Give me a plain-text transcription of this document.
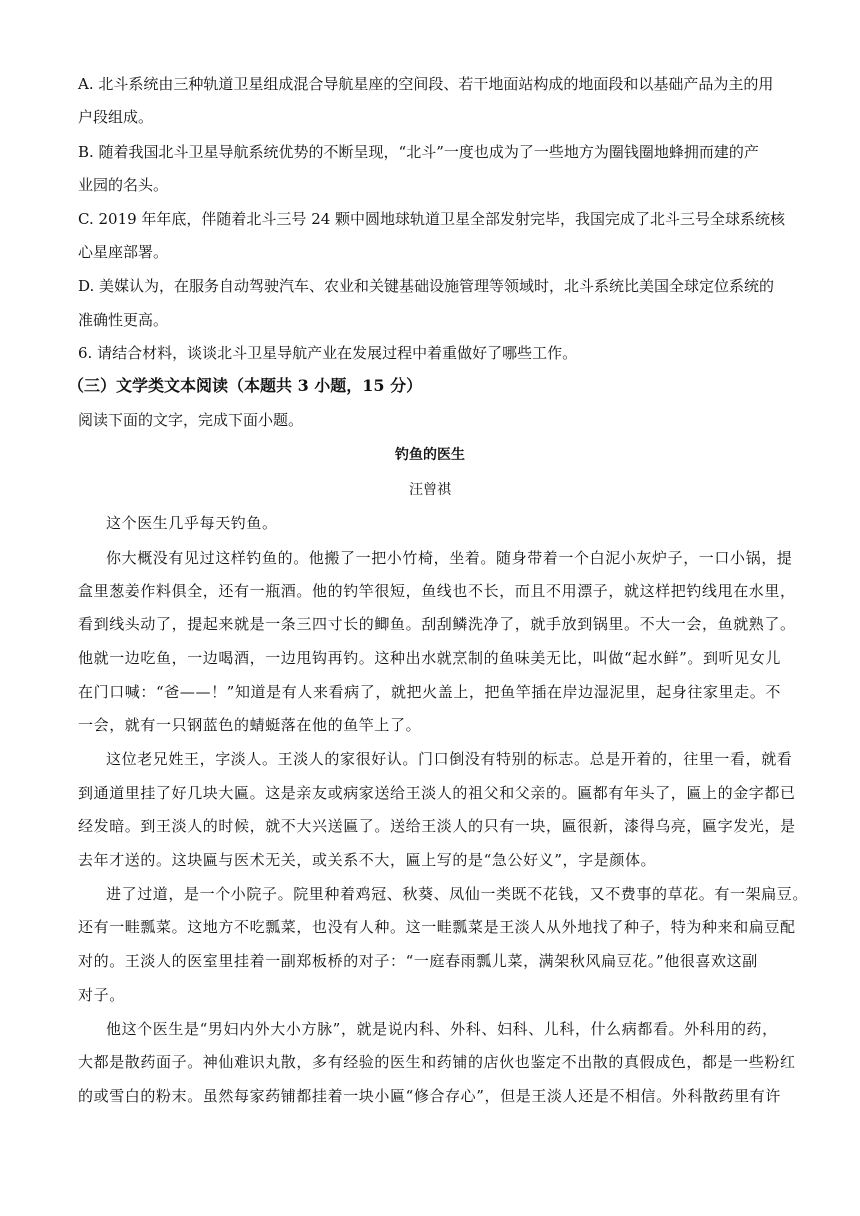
A. 北斗系统由三种轨道卫星组成混合导航星座的空间段、若干地面站构成的地面段和以基础产品为主的用
户段组成。
B. 随着我国北斗卫星导航系统优势的不断呈现，“北斗”一度也成为了一些地方为圈钱圈地蜂拥而建的产
业园的名头。
C. 2019 年年底，伴随着北斗三号 24 颗中圆地球轨道卫星全部发射完毕，我国完成了北斗三号全球系统核
心星座部署。
D. 美媒认为，在服务自动驾驶汽车、农业和关键基础设施管理等领域时，北斗系统比美国全球定位系统的
准确性更高。
6. 请结合材料，谈谈北斗卫星导航产业在发展过程中着重做好了哪些工作。
（三）文学类文本阅读（本题共 3 小题，15 分）
阅读下面的文字，完成下面小题。
钓鱼的医生
汪曾祺
这个医生几乎每天钓鱼。
你大概没有见过这样钓鱼的。他搬了一把小竹椅，坐着。随身带着一个白泥小灰炉子，一口小锅，提
盒里葱姜作料俱全，还有一瓶酒。他的钓竿很短，鱼线也不长，而且不用漂子，就这样把钓线甩在水里，
看到线头动了，提起来就是一条三四寸长的鲫鱼。刮刮鳞洗净了，就手放到锅里。不大一会，鱼就熟了。
他就一边吃鱼，一边喝酒，一边甩钩再钓。这种出水就烹制的鱼味美无比，叫做“起水鲜”。到听见女儿
在门口喊：“爸——！”知道是有人来看病了，就把火盖上，把鱼竿插在岸边湿泥里，起身往家里走。不
一会，就有一只钢蓝色的蜻蜓落在他的鱼竿上了。
这位老兄姓王，字淡人。王淡人的家很好认。门口倒没有特别的标志。总是开着的，往里一看，就看
到通道里挂了好几块大匾。这是亲友或病家送给王淡人的祖父和父亲的。匾都有年头了，匾上的金字都已
经发暗。到王淡人的时候，就不大兴送匾了。送给王淡人的只有一块，匾很新，漆得乌亮，匾字发光，是
去年才送的。这块匾与医术无关，或关系不大，匾上写的是“急公好义”，字是颜体。
进了过道，是一个小院子。院里种着鸡冠、秋葵、凤仙一类既不花钱，又不费事的草花。有一架扁豆。
还有一畦瓢菜。这地方不吃瓢菜，也没有人种。这一畦瓢菜是王淡人从外地找了种子，特为种来和扁豆配
对的。王淡人的医室里挂着一副郑板桥的对子：“一庭春雨瓢儿菜，满架秋风扁豆花。”他很喜欢这副
对子。
他这个医生是“男妇内外大小方脉”，就是说内科、外科、妇科、儿科，什么病都看。外科用的药，
大都是散药面子。神仙难识丸散，多有经验的医生和药铺的店伙也鉴定不出散的真假成色，都是一些粉红
的或雪白的粉末。虽然每家药铺都挂着一块小匾“修合存心”，但是王淡人还是不相信。外科散药里有许
